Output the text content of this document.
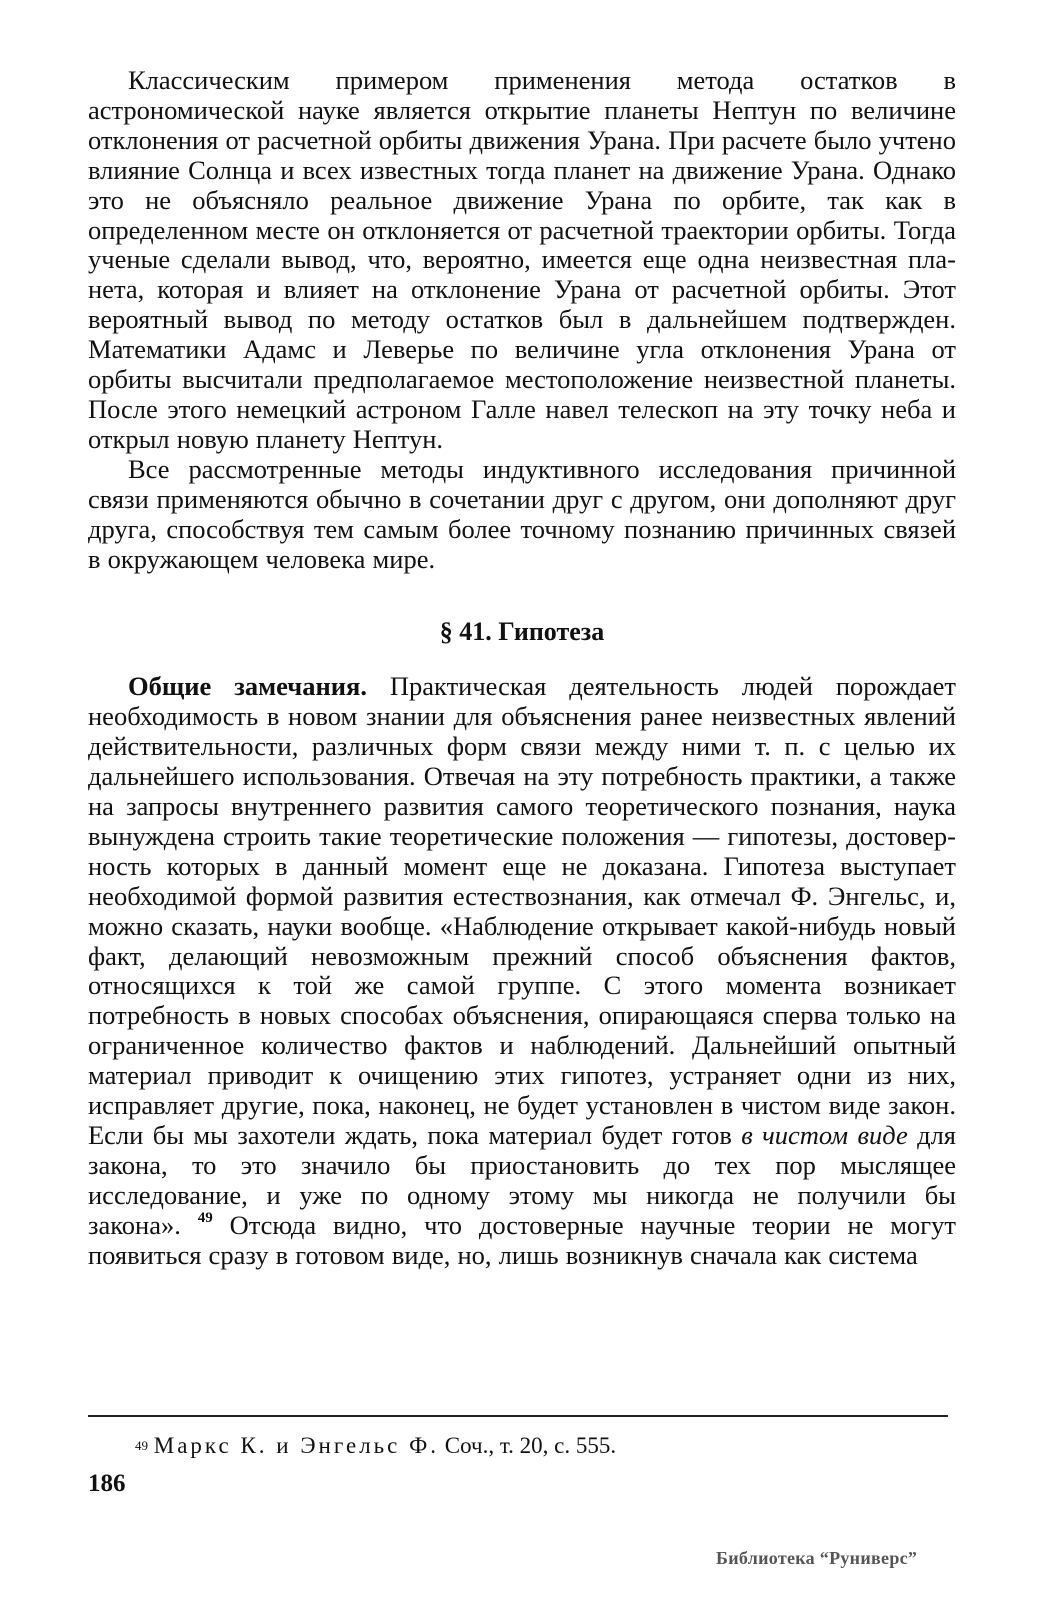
Классическим примером применения метода остатков в астрономической науке является открытие планеты Нептун по величине отклонения от расчетной орбиты движения Урана. При расчете было учтено влияние Солнца и всех известных тогда планет на движение Урана. Однако это не объясняло реальное движение Урана по орбите, так как в определенном месте он отклоняется от расчетной траектории орбиты. Тогда ученые сделали вывод, что, вероятно, имеется еще одна неизвестная планета, которая и влияет на отклонение Урана от расчетной орбиты. Этот вероятный вывод по методу остатков был в дальнейшем подтвержден. Математики Адамс и Леверье по величине угла отклонения Урана от орбиты высчитали предполагаемое местоположение неизвестной планеты. После этого немецкий астроном Галле навел телескоп на эту точку неба и открыл новую планету Нептун.

Все рассмотренные методы индуктивного исследования причинной связи применяются обычно в сочетании друг с другом, они дополняют друг друга, способствуя тем самым более точному познанию причинных связей в окружающем человека мире.

§ 41. Гипотеза

Общие замечания. Практическая деятельность людей порождает необходимость в новом знании для объяснения ранее неизвестных явлений действительности, различных форм связи между ними т. п. с целью их дальнейшего использования. Отвечая на эту потребность практики, а также на запросы внутреннего развития самого теоретического познания, наука вынуждена строить такие теоретические положения — гипотезы, достоверность которых в данный момент еще не доказана. Гипотеза выступает необходимой формой развития естествознания, как отмечал Ф. Энгельс, и, можно сказать, науки вообще. «Наблюдение открывает какой-нибудь новый факт, делающий невозможным прежний способ объяснения фактов, относящихся к той же самой группе. С этого момента возникает потребность в новых способах объяснения, опирающаяся сперва только на ограниченное количество фактов и наблюдений. Дальнейший опытный материал приводит к очищению этих гипотез, устраняет одни из них, исправляет другие, пока, наконец, не будет установлен в чистом виде закон. Если бы мы захотели ждать, пока материал будет готов в чистом виде для закона, то это значило бы приостановить до тех пор мыслящее исследование, и уже по одному этому мы никогда не получили бы закона». $^{49}$ Отсюда видно, что достоверные научные теории не могут появиться сразу в готовом виде, но, лишь возникнув сначала как система

$^{49}$ Маркс К. и Энгельс Ф. Соч., т. 20, с. 555.
186
Библиотека “Руниверс”
